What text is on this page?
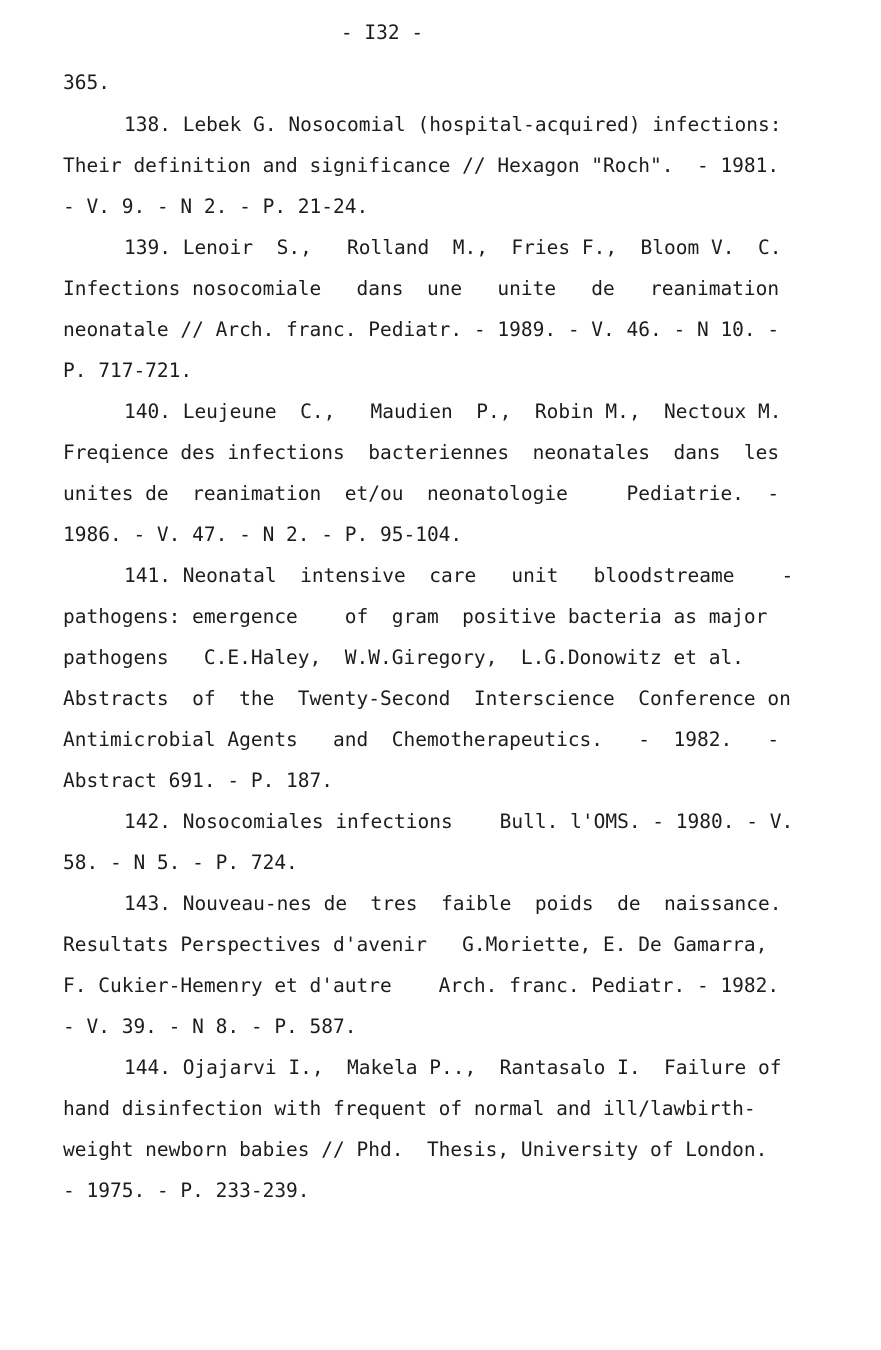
- I32 -
365.
138. Lebek G. Nosocomial (hospital-acquired) infections:
Their definition and significance // Hexagon "Roch".  - 1981.
- V. 9. - N 2. - P. 21-24.
139. Lenoir  S.,   Rolland  M.,  Fries F.,  Bloom V.  C.
Infections nosocomiale   dans  une   unite   de   reanimation
neonatale // Arch. franc. Pediatr. - 1989. - V. 46. - N 10. -
P. 717-721.
140. Leujeune  C.,   Maudien  P.,  Robin M.,  Nectoux M.
Freqience des infections  bacteriennes  neonatales  dans  les
unites de  reanimation  et/ou  neonatologie     Pediatrie.  -
1986. - V. 47. - N 2. - P. 95-104.
141. Neonatal  intensive  care   unit   bloodstreame    -
pathogens: emergence    of  gram  positive bacteria as major
pathogens   C.E.Haley,  W.W.Giregory,  L.G.Donowitz et al.
Abstracts  of  the  Twenty-Second  Interscience  Conference on
Antimicrobial Agents   and  Chemotherapeutics.   -  1982.   -
Abstract 691. - P. 187.
142. Nosocomiales infections    Bull. l'OMS. - 1980. - V.
58. - N 5. - P. 724.
143. Nouveau-nes de  tres  faible  poids  de  naissance.
Resultats Perspectives d'avenir   G.Moriette, E. De Gamarra,
F. Cukier-Hemenry et d'autre    Arch. franc. Pediatr. - 1982.
- V. 39. - N 8. - P. 587.
144. Ojajarvi I.,  Makela P..,  Rantasalo I.  Failure of
hand disinfection with frequent of normal and ill/lawbirth-
weight newborn babies // Phd.  Thesis, University of London.
- 1975. - P. 233-239.
